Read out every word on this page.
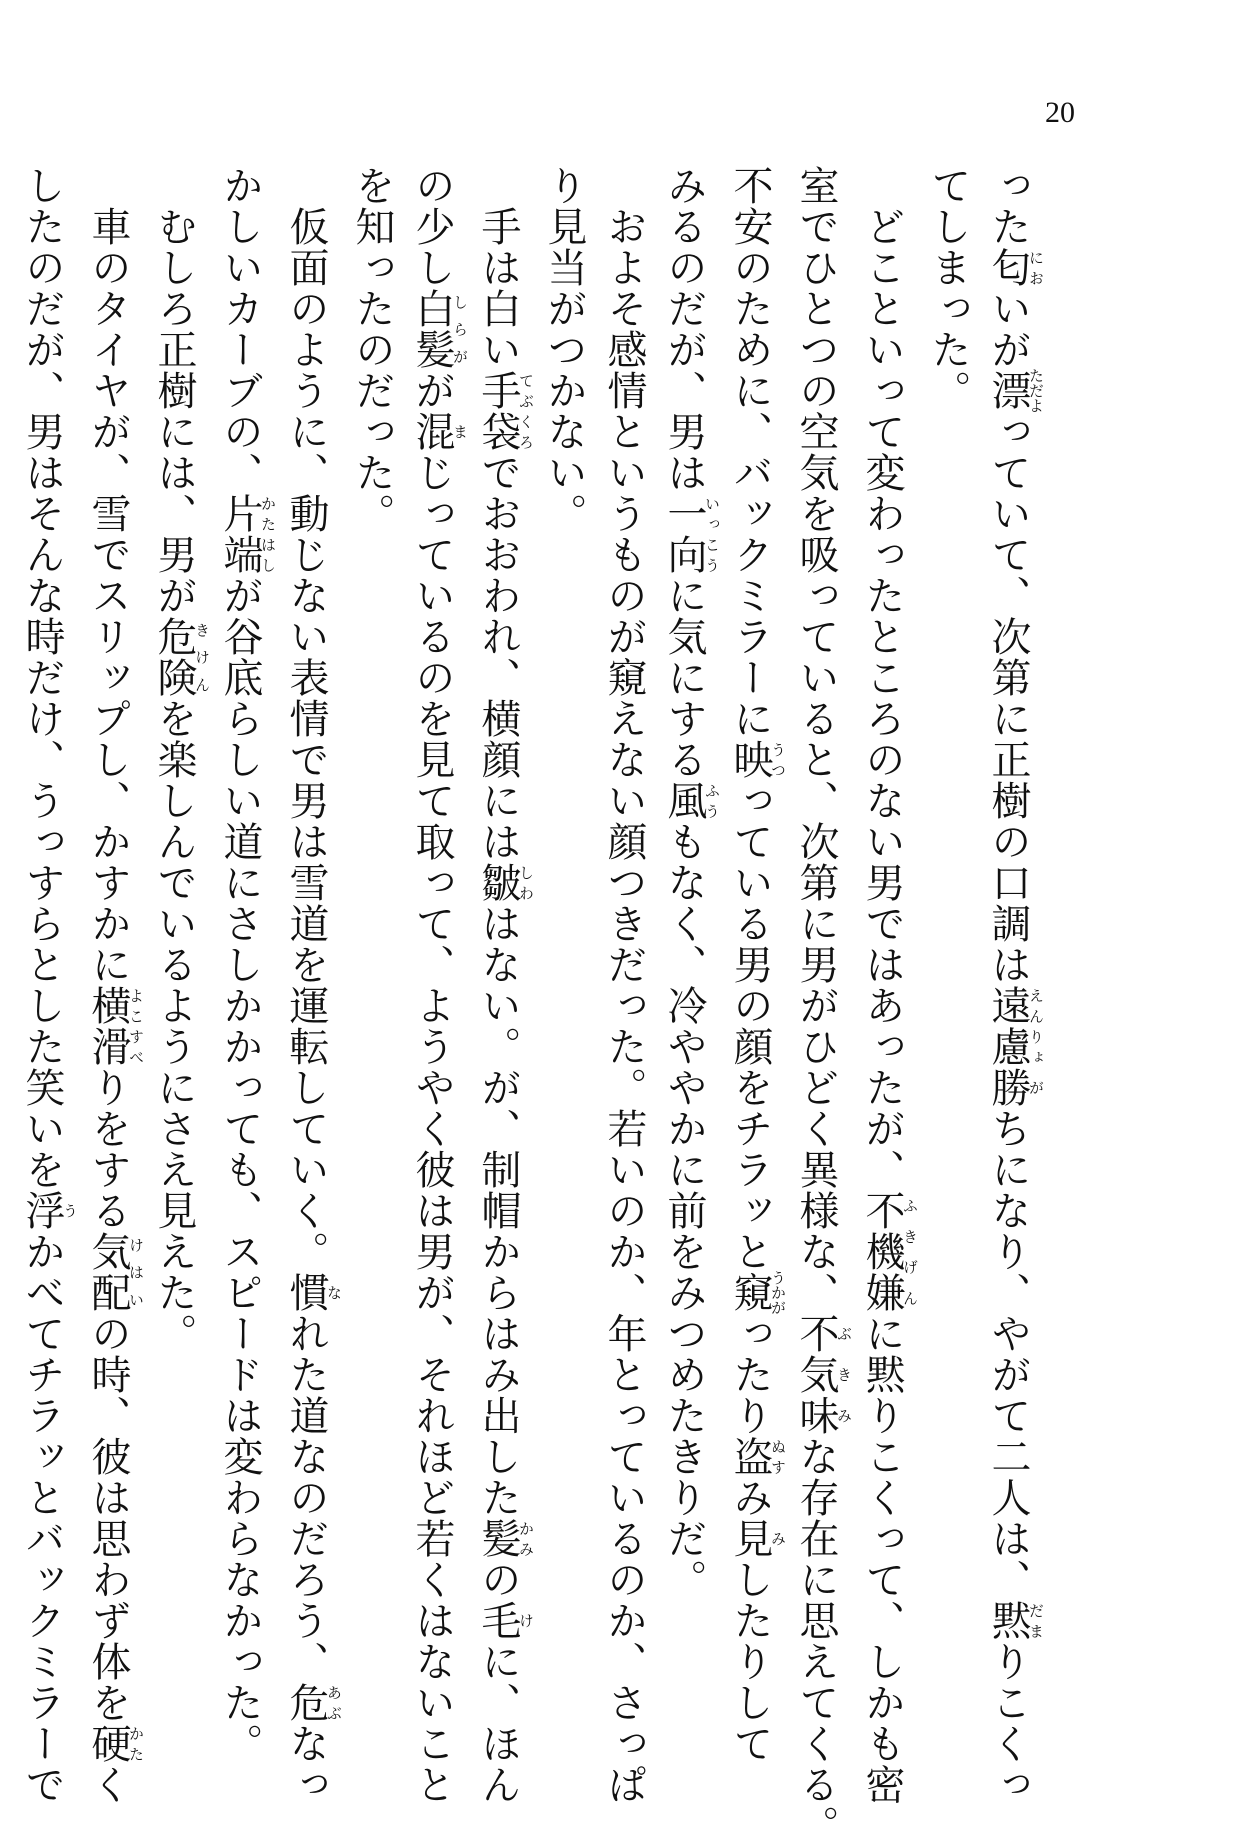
20
った匂においが漂ただよっていて、次第に正樹の口調は遠慮えんりょ勝がちになり、やがて二人は、黙だまりこくっ
てしまった。
　どこといって変わったところのない男ではあったが、不機嫌ふきげんに黙りこくって、しかも密
室でひとつの空気を吸っていると、次第に男がひどく異様な、不気味ぶきみな存在に思えてくる。
不安のために、バックミラーに映うつっている男の顔をチラッと窺うかがったり盗ぬすみ見みしたりして
みるのだが、男は一向いっこうに気にする風ふうもなく、冷ややかに前をみつめたきりだ。
　およそ感情というものが窺えない顔つきだった。若いのか、年とっているのか、さっぱ
り見当がつかない。
　手は白い手袋てぶくろでおおわれ、横顔には皺しわはない。が、制帽からはみ出した髪かみの毛けに、ほん
の少し白髪しらがが混まじっているのを見て取って、ようやく彼は男が、それほど若くはないこと
を知ったのだった。
　仮面のように、動じない表情で男は雪道を運転していく。慣なれた道なのだろう、危あぶなっ
かしいカーブの、片端かたはしが谷底らしい道にさしかかっても、スピードは変わらなかった。
　むしろ正樹には、男が危険きけんを楽しんでいるようにさえ見えた。
　車のタイヤが、雪でスリップし、かすかに横滑よこすべりをする気配けはいの時、彼は思わず体を硬かたく
したのだが、男はそんな時だけ、うっすらとした笑いを浮うかべてチラッとバックミラーで
